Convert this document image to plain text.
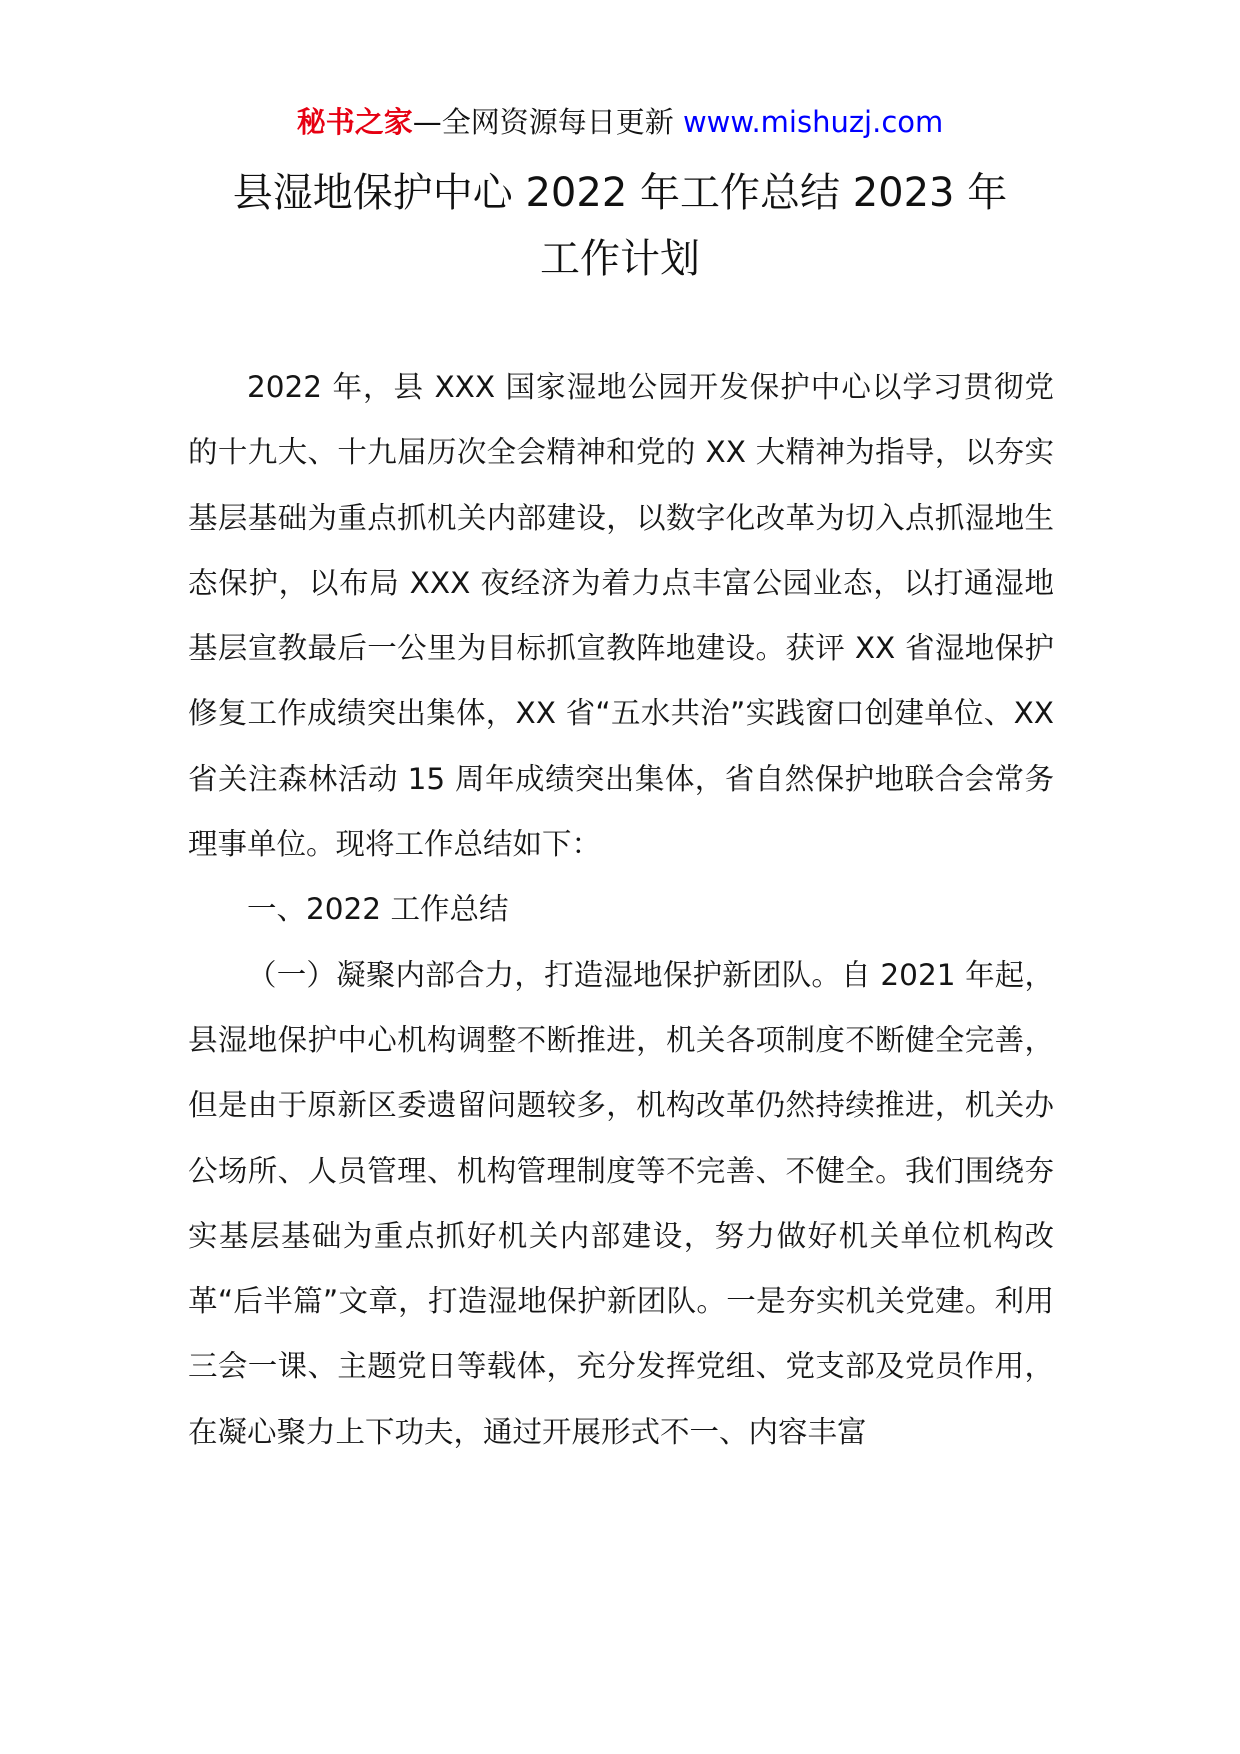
秘书之家—全网资源每日更新 www.mishuzj.com
县湿地保护中心 2022 年工作总结 2023 年
工作计划

2022 年，县 XXX 国家湿地公园开发保护中心以学习贯彻党的十九大、十九届历次全会精神和党的 XX 大精神为指导，以夯实基层基础为重点抓机关内部建设，以数字化改革为切入点抓湿地生态保护，以布局 XXX 夜经济为着力点丰富公园业态，以打通湿地基层宣教最后一公里为目标抓宣教阵地建设。获评 XX 省湿地保护修复工作成绩突出集体，XX 省“五水共治”实践窗口创建单位、XX 省关注森林活动 15 周年成绩突出集体，省自然保护地联合会常务理事单位。现将工作总结如下：

一、2022 工作总结

（一）凝聚内部合力，打造湿地保护新团队。自 2021 年起，县湿地保护中心机构调整不断推进，机关各项制度不断健全完善，但是由于原新区委遗留问题较多，机构改革仍然持续推进，机关办公场所、人员管理、机构管理制度等不完善、不健全。我们围绕夯实基层基础为重点抓好机关内部建设，努力做好机关单位机构改革“后半篇”文章，打造湿地保护新团队。一是夯实机关党建。利用三会一课、主题党日等载体，充分发挥党组、党支部及党员作用，在凝心聚力上下功夫，通过开展形式不一、内容丰富
